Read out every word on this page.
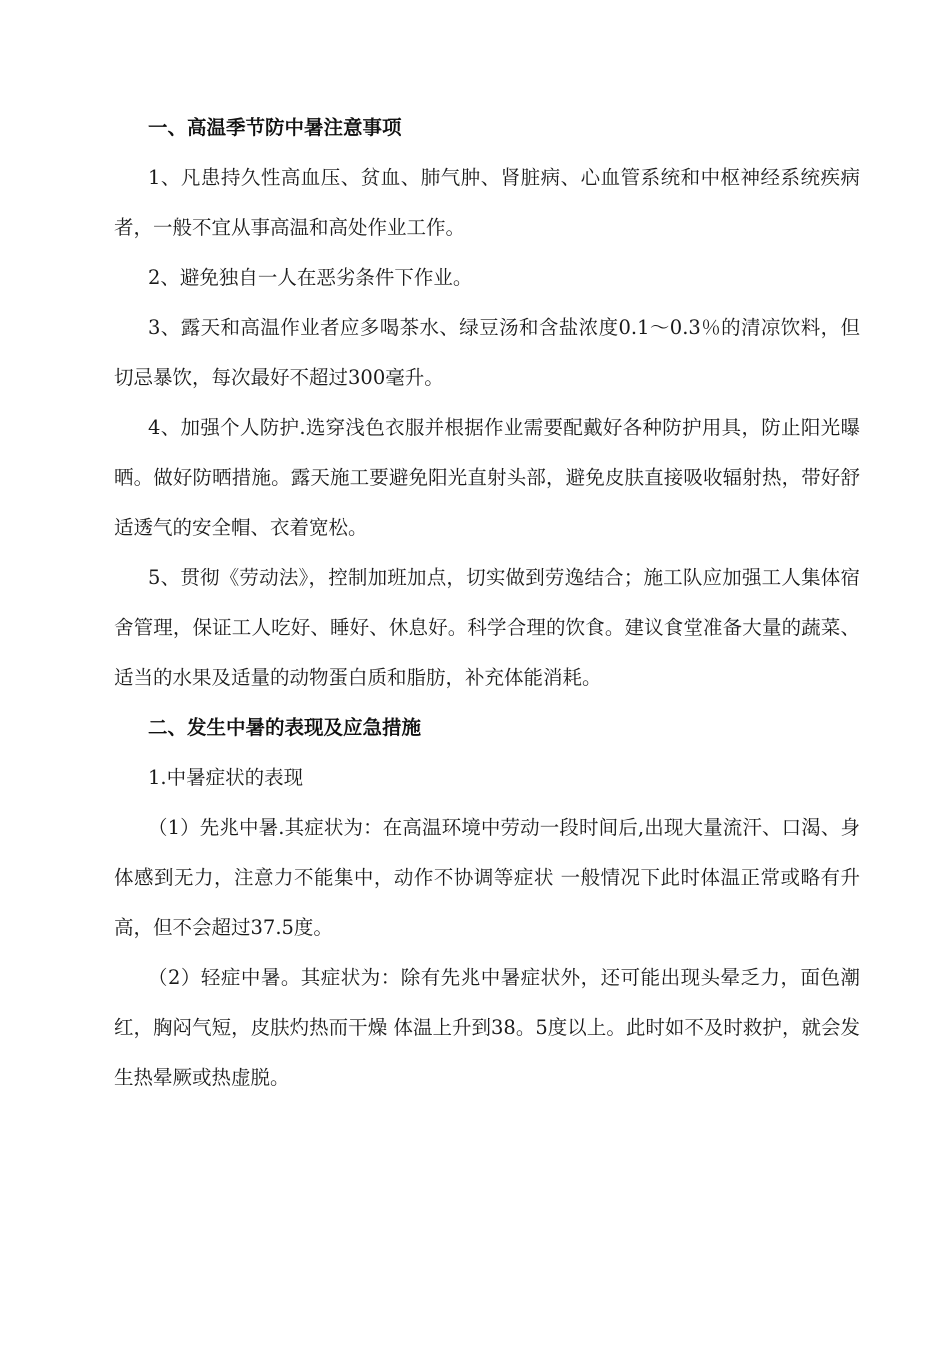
一、高温季节防中暑注意事项

1、凡患持久性高血压、贫血、肺气肿、肾脏病、心血管系统和中枢神经系统疾病者，一般不宜从事高温和高处作业工作。

2、避免独自一人在恶劣条件下作业。

3、露天和高温作业者应多喝茶水、绿豆汤和含盐浓度0.1～0.3％的清凉饮料，但切忌暴饮，每次最好不超过300毫升。

4、加强个人防护.选穿浅色衣服并根据作业需要配戴好各种防护用具，防止阳光曝晒。做好防晒措施。露天施工要避免阳光直射头部，避免皮肤直接吸收辐射热，带好舒适透气的安全帽、衣着宽松。

5、贯彻《劳动法》，控制加班加点，切实做到劳逸结合；施工队应加强工人集体宿舍管理，保证工人吃好、睡好、休息好。科学合理的饮食。建议食堂准备大量的蔬菜、适当的水果及适量的动物蛋白质和脂肪，补充体能消耗。

二、发生中暑的表现及应急措施

1.中暑症状的表现

（1）先兆中暑.其症状为：在高温环境中劳动一段时间后,出现大量流汗、口渴、身体感到无力，注意力不能集中，动作不协调等症状 一般情况下此时体温正常或略有升高，但不会超过37.5度。

（2）轻症中暑。其症状为：除有先兆中暑症状外，还可能出现头晕乏力，面色潮红，胸闷气短，皮肤灼热而干燥 体温上升到38。5度以上。此时如不及时救护，就会发生热晕厥或热虚脱。
